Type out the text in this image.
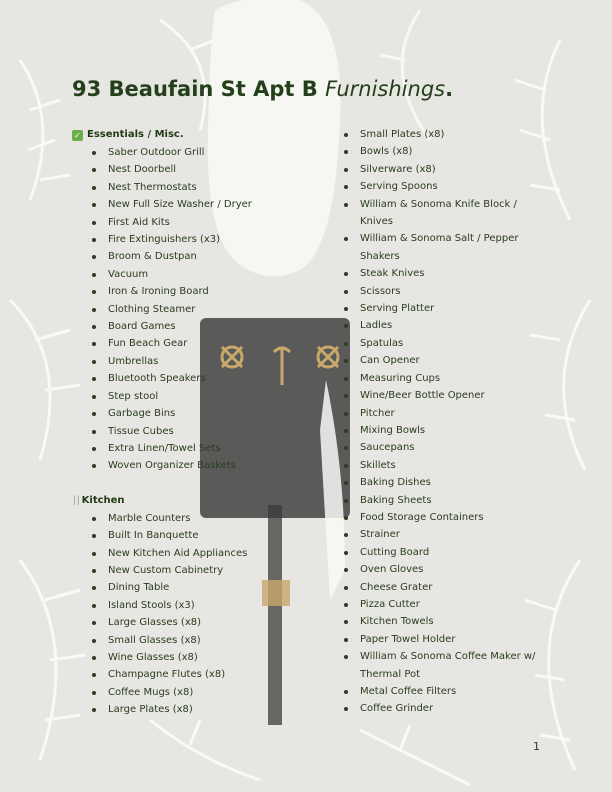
93 Beaufain St Apt B Furnishings.
✓ Essentials / Misc.
Saber Outdoor Grill
Nest Doorbell
Nest Thermostats
New Full Size Washer / Dryer
First Aid Kits
Fire Extinguishers (x3)
Broom & Dustpan
Vacuum
Iron & Ironing Board
Clothing Steamer
Board Games
Fun Beach Gear
Umbrellas
Bluetooth Speakers
Step stool
Garbage Bins
Tissue Cubes
Extra Linen/Towel Sets
Woven Organizer Baskets
││ Kitchen
Marble Counters
Built In Banquette
New Kitchen Aid Appliances
New Custom Cabinetry
Dining Table
Island Stools (x3)
Large Glasses (x8)
Small Glasses (x8)
Wine Glasses (x8)
Champagne Flutes (x8)
Coffee Mugs (x8)
Large Plates (x8)
Small Plates (x8)
Bowls (x8)
Silverware (x8)
Serving Spoons
William & Sonoma Knife Block /
Knives
William & Sonoma Salt / Pepper
Shakers
Steak Knives
Scissors
Serving Platter
Ladles
Spatulas
Can Opener
Measuring Cups
Wine/Beer Bottle Opener
Pitcher
Mixing Bowls
Saucepans
Skillets
Baking Dishes
Baking Sheets
Food Storage Containers
Strainer
Cutting Board
Oven Gloves
Cheese Grater
Pizza Cutter
Kitchen Towels
Paper Towel Holder
William & Sonoma Coffee Maker w/
Thermal Pot
Metal Coffee Filters
Coffee Grinder
1
